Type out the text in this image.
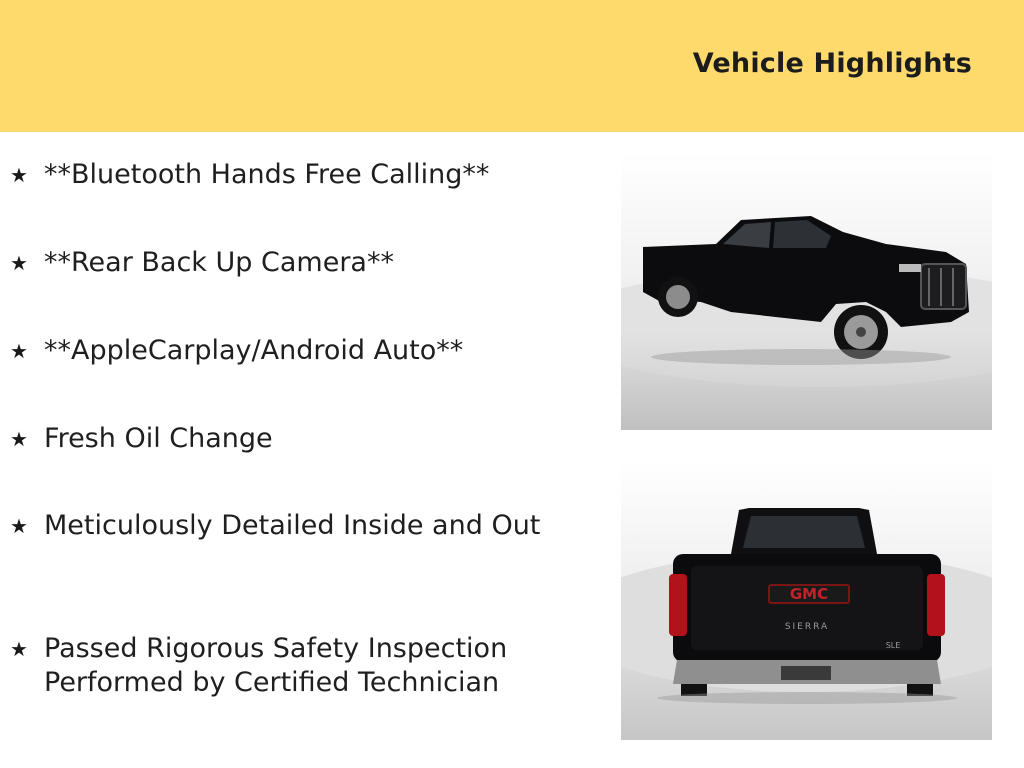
Vehicle Highlights
★ **Bluetooth Hands Free Calling**
★ **Rear Back Up Camera**
★ **AppleCarplay/Android Auto**
★ Fresh Oil Change
★ Meticulously Detailed Inside and Out
★ Passed Rigorous Safety Inspection Performed by Certified Technician
GMC
SIERRA
SLE
